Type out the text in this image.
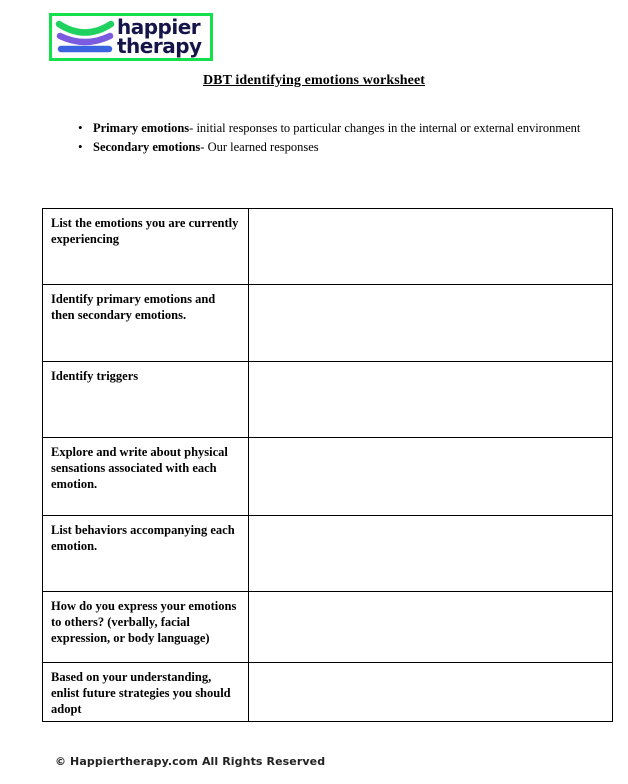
happier
therapy
DBT identifying emotions worksheet
• Primary emotions- initial responses to particular changes in the internal or external environment
• Secondary emotions- Our learned responses
List the emotions you are currently experiencing	
Identify primary emotions and then secondary emotions.	
Identify triggers	
Explore and write about physical sensations associated with each emotion.	
List behaviors accompanying each emotion.	
How do you express your emotions to others? (verbally, facial expression, or body language)	
Based on your understanding, enlist future strategies you should adopt	
© Happiertherapy.com All Rights Reserved
